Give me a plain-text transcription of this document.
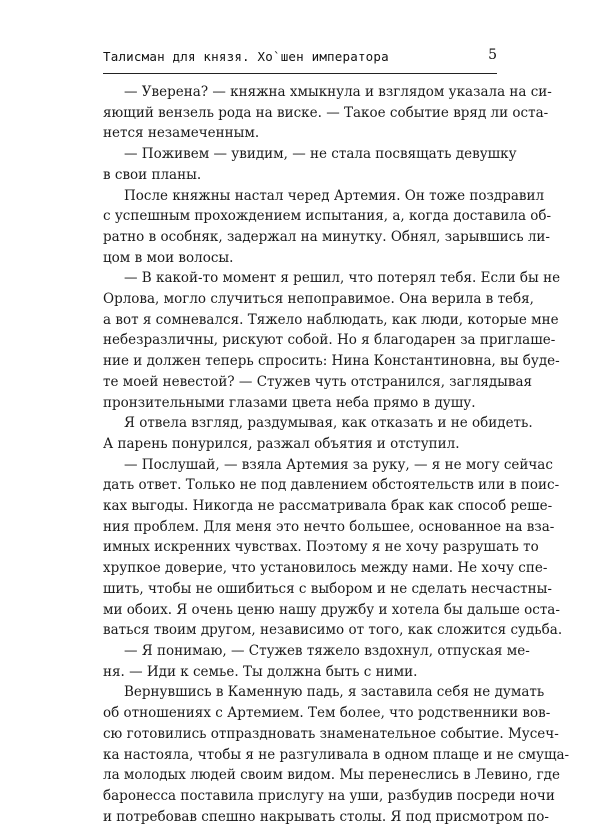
Талисман для князя. Хо`шен императора	5
— Уверена? — княжна хмыкнула и взглядом указала на си-
яющий вензель рода на виске. — Такое событие вряд ли остa-
нется незамеченным.
— Поживем — увидим, — не стала посвящать девушку
в свои планы.
После княжны настал черед Артемия. Он тоже поздравил
с успешным прохождением испытания, а, когда доставила об-
ратно в особняк, задержал на минутку. Обнял, зарывшись ли-
цом в мои волосы.
— В какой-то момент я решил, что потерял тебя. Если бы не
Орлова, могло случиться непоправимое. Она верила в тебя,
а вот я сомневался. Тяжело наблюдать, как люди, которые мне
небезразличны, рискуют собой. Но я благодарен за приглаше-
ние и должен теперь спросить: Нина Константиновна, вы буде-
те моей невестой? — Стужев чуть отстранился, заглядывая
пронзительными глазами цвета неба прямо в душу.
Я отвела взгляд, раздумывая, как отказать и не обидеть.
А парень понурился, разжал объятия и отступил.
— Послушай, — взяла Артемия за руку, — я не могу сейчас
дать ответ. Только не под давлением обстоятельств или в поис-
ках выгоды. Никогда не рассматривала брак как способ реше-
ния проблем. Для меня это нечто большее, основанное на вза-
имных искренних чувствах. Поэтому я не хочу разрушать то
хрупкое доверие, что установилось между нами. Не хочу спе-
шить, чтобы не ошибиться с выбором и не сделать несчастны-
ми обоих. Я очень ценю нашу дружбу и хотела бы дальше оста-
ваться твоим другом, независимо от того, как сложится судьба.
— Я понимаю, — Стужев тяжело вздохнул, отпуская ме-
ня. — Иди к семье. Ты должна быть с ними.
Вернувшись в Каменную падь, я заставила себя не думать
об отношениях с Артемием. Тем более, что родственники вов-
сю готовились отпраздновать знаменательное событие. Мусеч-
ка настояла, чтобы я не разгуливала в одном плаще и не смуща-
ла молодых людей своим видом. Мы перенеслись в Левино, где
баронесса поставила прислугу на уши, разбудив посреди ночи
и потребовав спешно накрывать столы. Я под присмотром по-
